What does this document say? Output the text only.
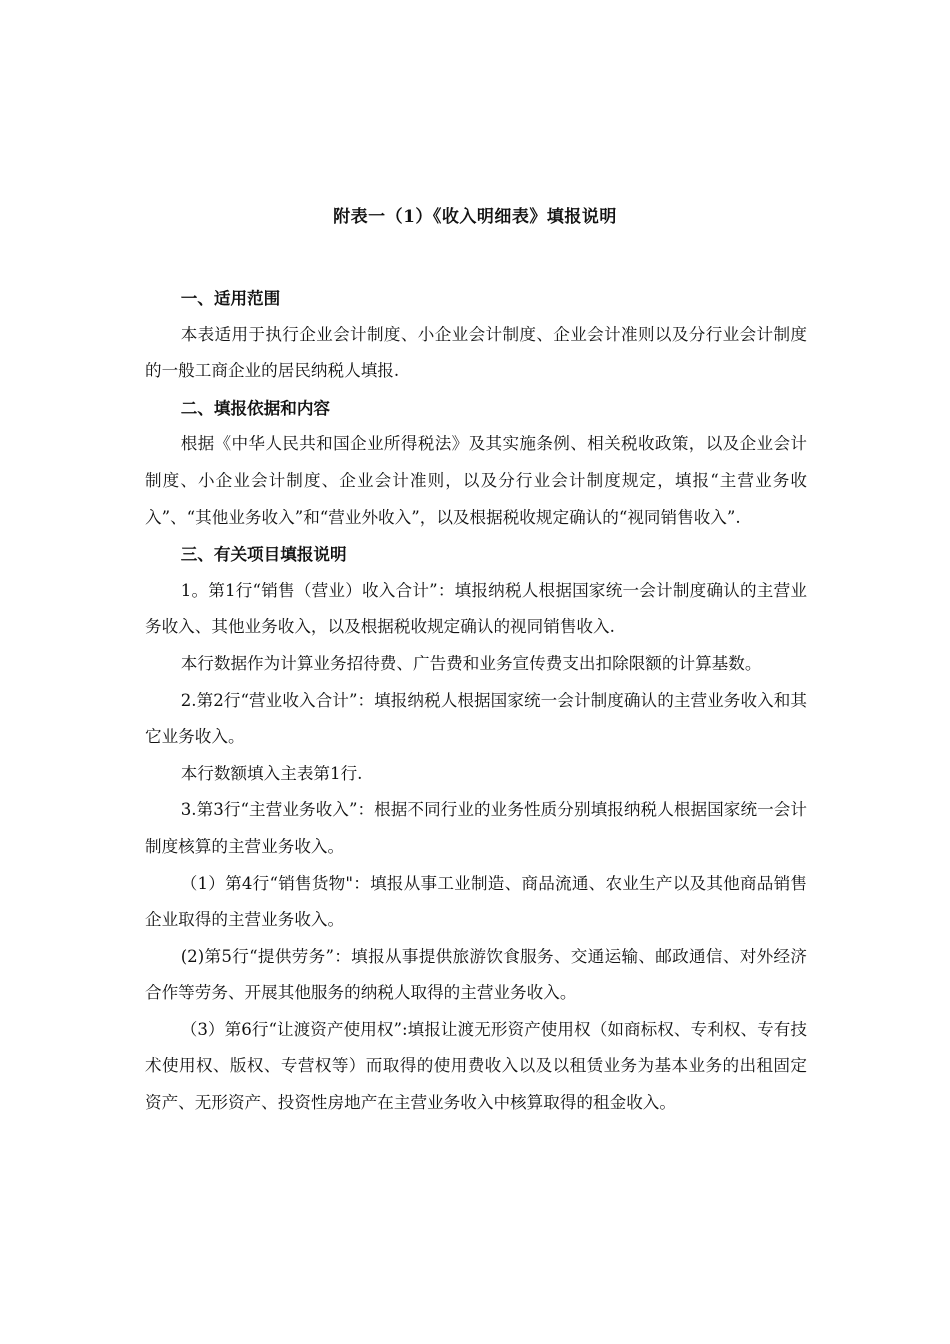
附表一（1）《收入明细表》填报说明
一、适用范围

本表适用于执行企业会计制度、小企业会计制度、企业会计准则以及分行业会计制度的一般工商企业的居民纳税人填报.

二、填报依据和内容

根据《中华人民共和国企业所得税法》及其实施条例、相关税收政策，以及企业会计制度、小企业会计制度、企业会计准则，以及分行业会计制度规定，填报“主营业务收入”、“其他业务收入”和“营业外收入”，以及根据税收规定确认的“视同销售收入”.

三、有关项目填报说明

1。第1行“销售（营业）收入合计”：填报纳税人根据国家统一会计制度确认的主营业务收入、其他业务收入，以及根据税收规定确认的视同销售收入.

本行数据作为计算业务招待费、广告费和业务宣传费支出扣除限额的计算基数。

2.第2行“营业收入合计”：填报纳税人根据国家统一会计制度确认的主营业务收入和其它业务收入。

本行数额填入主表第1行.

3.第3行“主营业务收入”：根据不同行业的业务性质分别填报纳税人根据国家统一会计制度核算的主营业务收入。

（1）第4行“销售货物"：填报从事工业制造、商品流通、农业生产以及其他商品销售企业取得的主营业务收入。

(2)第5行“提供劳务”：填报从事提供旅游饮食服务、交通运输、邮政通信、对外经济合作等劳务、开展其他服务的纳税人取得的主营业务收入。

（3）第6行“让渡资产使用权”:填报让渡无形资产使用权（如商标权、专利权、专有技术使用权、版权、专营权等）而取得的使用费收入以及以租赁业务为基本业务的出租固定资产、无形资产、投资性房地产在主营业务收入中核算取得的租金收入。
